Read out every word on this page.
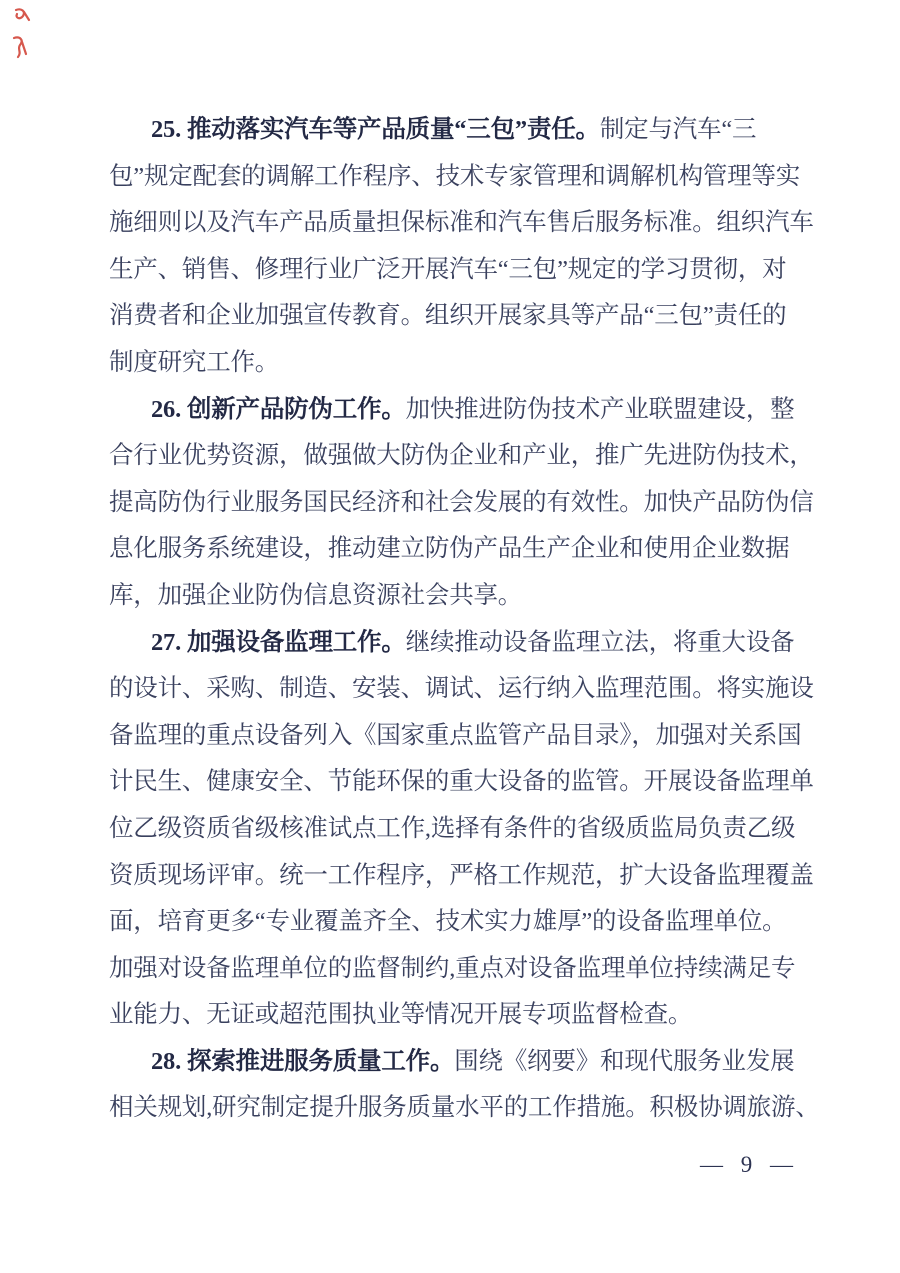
25. 推动落实汽车等产品质量“三包”责任。制定与汽车“三
包”规定配套的调解工作程序、技术专家管理和调解机构管理等实
施细则以及汽车产品质量担保标准和汽车售后服务标准。组织汽车
生产、销售、修理行业广泛开展汽车“三包”规定的学习贯彻，对
消费者和企业加强宣传教育。组织开展家具等产品“三包”责任的
制度研究工作。
26. 创新产品防伪工作。加快推进防伪技术产业联盟建设，整
合行业优势资源，做强做大防伪企业和产业，推广先进防伪技术，
提高防伪行业服务国民经济和社会发展的有效性。加快产品防伪信
息化服务系统建设，推动建立防伪产品生产企业和使用企业数据
库，加强企业防伪信息资源社会共享。
27. 加强设备监理工作。继续推动设备监理立法，将重大设备
的设计、采购、制造、安装、调试、运行纳入监理范围。将实施设
备监理的重点设备列入《国家重点监管产品目录》，加强对关系国
计民生、健康安全、节能环保的重大设备的监管。开展设备监理单
位乙级资质省级核准试点工作,选择有条件的省级质监局负责乙级
资质现场评审。统一工作程序，严格工作规范，扩大设备监理覆盖
面，培育更多“专业覆盖齐全、技术实力雄厚”的设备监理单位。
加强对设备监理单位的监督制约,重点对设备监理单位持续满足专
业能力、无证或超范围执业等情况开展专项监督检查。
28. 探索推进服务质量工作。围绕《纲要》和现代服务业发展
相关规划,研究制定提升服务质量水平的工作措施。积极协调旅游、
— 9 —
